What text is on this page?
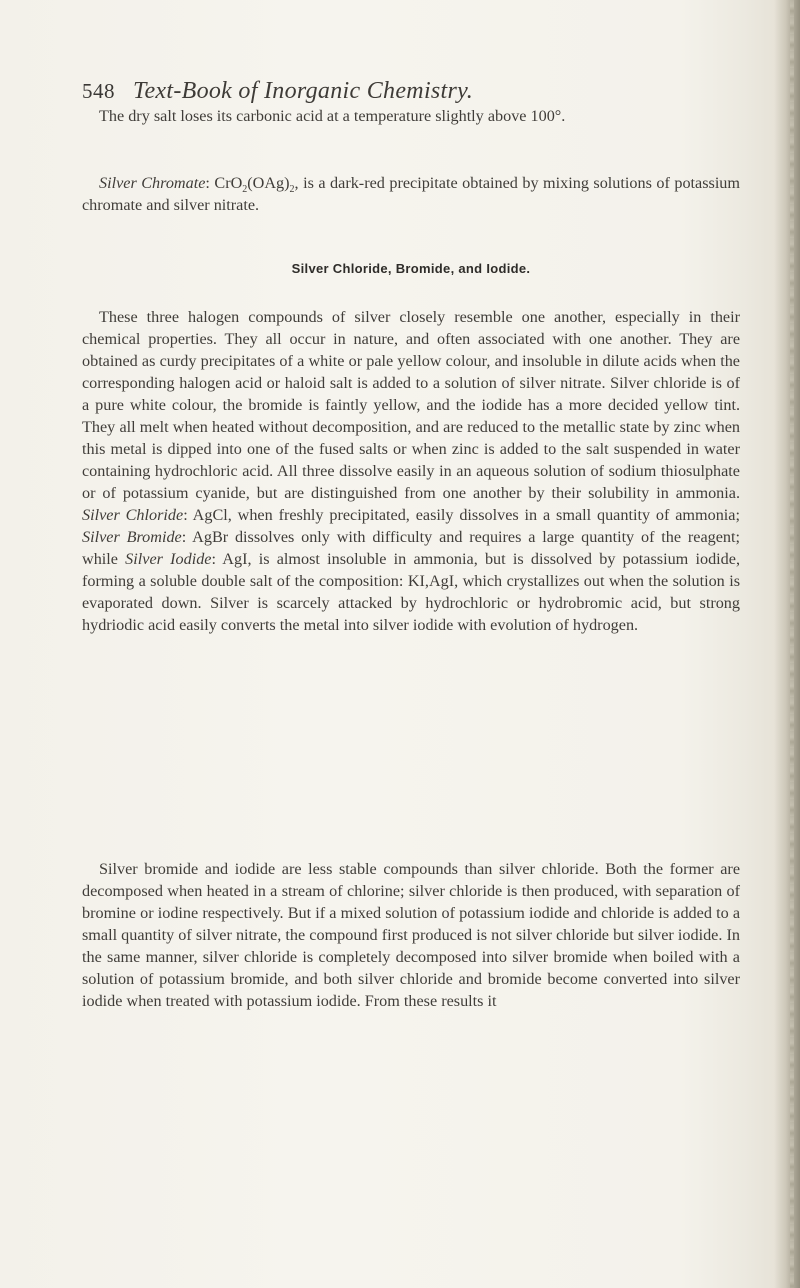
548 Text-Book of Inorganic Chemistry.
The dry salt loses its carbonic acid at a temperature slightly above 100°.
Silver Chromate: $CrO_2(OAg)_2$, is a dark-red precipitate obtained by mixing solutions of potassium chromate and silver nitrate.
Silver Chloride, Bromide, and Iodide.
These three halogen compounds of silver closely resemble one another, especially in their chemical properties. They all occur in nature, and often associated with one another. They are obtained as curdy precipitates of a white or pale yellow colour, and insoluble in dilute acids when the corresponding halogen acid or haloid salt is added to a solution of silver nitrate. Silver chloride is of a pure white colour, the bromide is faintly yellow, and the iodide has a more decided yellow tint. They all melt when heated without decomposition, and are reduced to the metallic state by zinc when this metal is dipped into one of the fused salts or when zinc is added to the salt suspended in water containing hydrochloric acid. All three dissolve easily in an aqueous solution of sodium thiosulphate or of potassium cyanide, but are distinguished from one another by their solubility in ammonia. Silver Chloride: AgCl, when freshly precipitated, easily dissolves in a small quantity of ammonia; Silver Bromide: AgBr dissolves only with difficulty and requires a large quantity of the reagent; while Silver Iodide: AgI, is almost insoluble in ammonia, but is dissolved by potassium iodide, forming a soluble double salt of the composition: KI,AgI, which crystallizes out when the solution is evaporated down. Silver is scarcely attacked by hydrochloric or hydrobromic acid, but strong hydriodic acid easily converts the metal into silver iodide with evolution of hydrogen.
Silver bromide and iodide are less stable compounds than silver chloride. Both the former are decomposed when heated in a stream of chlorine; silver chloride is then produced, with separation of bromine or iodine respectively. But if a mixed solution of potassium iodide and chloride is added to a small quantity of silver nitrate, the compound first produced is not silver chloride but silver iodide. In the same manner, silver chloride is completely decomposed into silver bromide when boiled with a solution of potassium bromide, and both silver chloride and bromide become converted into silver iodide when treated with potassium iodide. From these results it
